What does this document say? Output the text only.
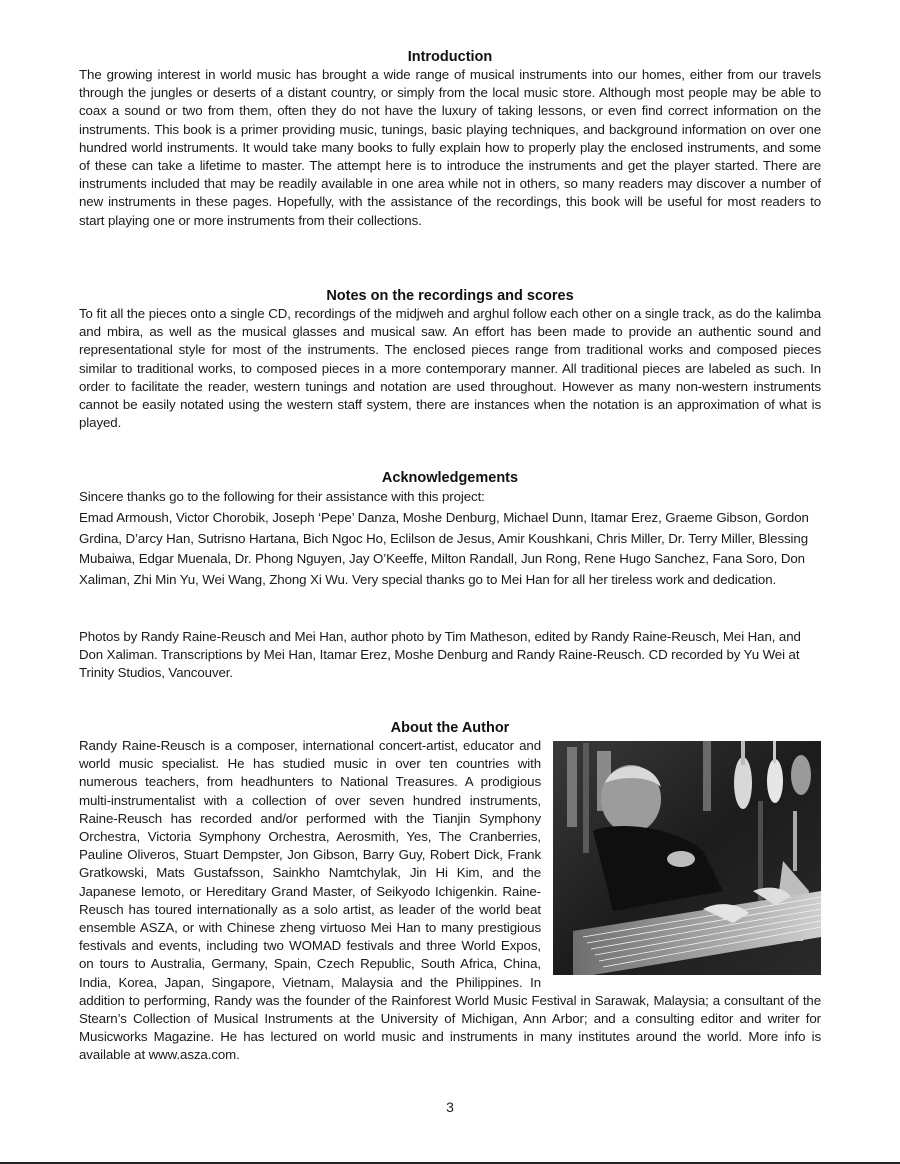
Introduction

The growing interest in world music has brought a wide range of musical instruments into our homes, either from our travels through the jungles or deserts of a distant country, or simply from the local music store. Although most people may be able to coax a sound or two from them, often they do not have the luxury of taking lessons, or even find correct information on the instruments. This book is a primer providing music, tunings, basic playing techniques, and background information on over one hundred world instruments. It would take many books to fully explain how to properly play the enclosed instruments, and some of these can take a lifetime to master. The attempt here is to introduce the instruments and get the player started. There are instruments included that may be readily available in one area while not in others, so many readers may discover a number of new instruments in these pages. Hopefully, with the assistance of the recordings, this book will be useful for most readers to start playing one or more instruments from their collections.

Notes on the recordings and scores

To fit all the pieces onto a single CD, recordings of the midjweh and arghul follow each other on a single track, as do the kalimba and mbira, as well as the musical glasses and musical saw. An effort has been made to provide an authentic sound and representational style for most of the instruments. The enclosed pieces range from traditional works and composed pieces similar to traditional works, to composed pieces in a more contemporary manner. All traditional pieces are labeled as such. In order to facilitate the reader, western tunings and notation are used throughout. However as many non-western instruments cannot be easily notated using the western staff system, there are instances when the notation is an approximation of what is played.

Acknowledgements

Sincere thanks go to the following for their assistance with this project:

Emad Armoush, Victor Chorobik, Joseph ‘Pepe’ Danza, Moshe Denburg, Michael Dunn, Itamar Erez, Graeme Gibson, Gordon Grdina, D’arcy Han, Sutrisno Hartana, Bich Ngoc Ho, Eclilson de Jesus, Amir Koushkani, Chris Miller, Dr. Terry Miller, Blessing Mubaiwa, Edgar Muenala, Dr. Phong Nguyen, Jay O’Keeffe, Milton Randall, Jun Rong, Rene Hugo Sanchez, Fana Soro, Don Xaliman, Zhi Min Yu, Wei Wang, Zhong Xi Wu. Very special thanks go to Mei Han for all her tireless work and dedication.

Photos by Randy Raine-Reusch and Mei Han, author photo by Tim Matheson, edited by Randy Raine-Reusch, Mei Han, and Don Xaliman. Transcriptions by Mei Han, Itamar Erez, Moshe Denburg and Randy Raine-Reusch. CD recorded by Yu Wei at Trinity Studios, Vancouver.

About the Author

Randy Raine-Reusch is a composer, international concert-artist, educator and world music specialist. He has studied music in over ten countries with numerous teachers, from headhunters to National Treasures. A prodigious multi-instrumentalist with a collection of over seven hundred instruments, Raine-Reusch has recorded and/or performed with the Tianjin Symphony Orchestra, Victoria Symphony Orchestra, Aerosmith, Yes, The Cranberries, Pauline Oliveros, Stuart Dempster, Jon Gibson, Barry Guy, Robert Dick, Frank Gratkowski, Mats Gustafsson, Sainkho Namtchylak, Jin Hi Kim, and the Japanese Iemoto, or Hereditary Grand Master, of Seikyodo Ichigenkin. Raine-Reusch has toured internationally as a solo artist, as leader of the world beat ensemble ASZA, or with Chinese zheng virtuoso Mei Han to many prestigious festivals and events, including two WOMAD festivals and three World Expos, on tours to Australia, Germany, Spain, Czech Republic, South Africa, China, India, Korea, Japan, Singapore, Vietnam, Malaysia and the Philippines. In addition to performing, Randy was the founder of the Rainforest World Music Festival in Sarawak, Malaysia; a consultant of the Stearn’s Collection of Musical Instruments at the University of Michigan, Ann Arbor; and a consulting editor and writer for Musicworks Magazine. He has lectured on world music and instruments in many institutes around the world. More info is available at www.asza.com.

3
